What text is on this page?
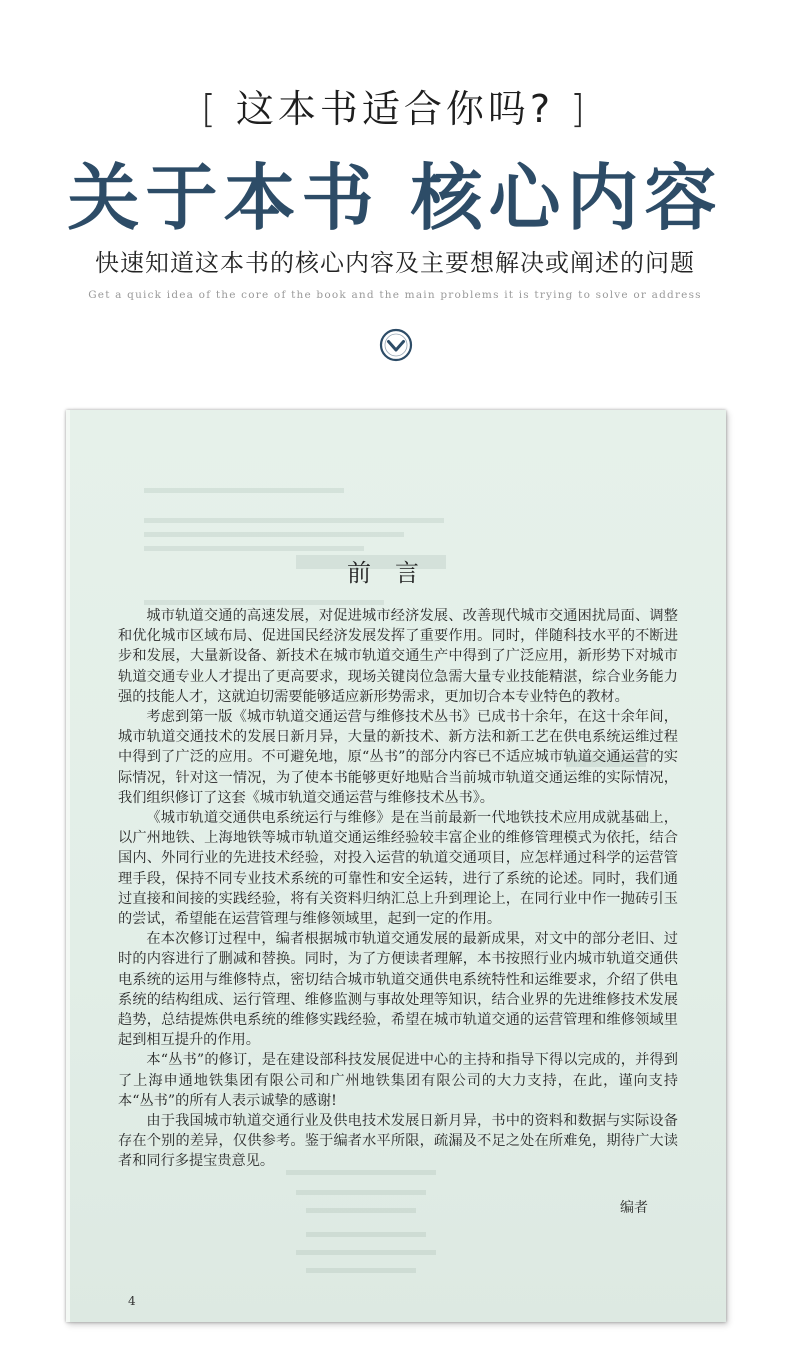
[ 这本书适合你吗? ]
关于本书 核心内容
快速知道这本书的核心内容及主要想解决或阐述的问题
Get a quick idea of the core of the book and the main problems it is trying to solve or address
前言

城市轨道交通的高速发展，对促进城市经济发展、改善现代城市交通困扰局面、调整和优化城市区域布局、促进国民经济发展发挥了重要作用。同时，伴随科技水平的不断进步和发展，大量新设备、新技术在城市轨道交通生产中得到了广泛应用，新形势下对城市轨道交通专业人才提出了更高要求，现场关键岗位急需大量专业技能精湛，综合业务能力强的技能人才，这就迫切需要能够适应新形势需求，更加切合本专业特色的教材。

考虑到第一版《城市轨道交通运营与维修技术丛书》已成书十余年，在这十余年间，城市轨道交通技术的发展日新月异，大量的新技术、新方法和新工艺在供电系统运维过程中得到了广泛的应用。不可避免地，原“丛书”的部分内容已不适应城市轨道交通运营的实际情况，针对这一情况，为了使本书能够更好地贴合当前城市轨道交通运维的实际情况，我们组织修订了这套《城市轨道交通运营与维修技术丛书》。

《城市轨道交通供电系统运行与维修》是在当前最新一代地铁技术应用成就基础上，以广州地铁、上海地铁等城市轨道交通运维经验较丰富企业的维修管理模式为依托，结合国内、外同行业的先进技术经验，对投入运营的轨道交通项目，应怎样通过科学的运营管理手段，保持不同专业技术系统的可靠性和安全运转，进行了系统的论述。同时，我们通过直接和间接的实践经验，将有关资料归纳汇总上升到理论上，在同行业中作一抛砖引玉的尝试，希望能在运营管理与维修领域里，起到一定的作用。

在本次修订过程中，编者根据城市轨道交通发展的最新成果，对文中的部分老旧、过时的内容进行了删减和替换。同时，为了方便读者理解，本书按照行业内城市轨道交通供电系统的运用与维修特点，密切结合城市轨道交通供电系统特性和运维要求，介绍了供电系统的结构组成、运行管理、维修监测与事故处理等知识，结合业界的先进维修技术发展趋势，总结提炼供电系统的维修实践经验，希望在城市轨道交通的运营管理和维修领域里起到相互提升的作用。

本“丛书”的修订，是在建设部科技发展促进中心的主持和指导下得以完成的，并得到了上海申通地铁集团有限公司和广州地铁集团有限公司的大力支持，在此，谨向支持本“丛书”的所有人表示诚挚的感谢!

由于我国城市轨道交通行业及供电技术发展日新月异，书中的资料和数据与实际设备存在个别的差异，仅供参考。鉴于编者水平所限，疏漏及不足之处在所难免，期待广大读者和同行多提宝贵意见。

编者
4
